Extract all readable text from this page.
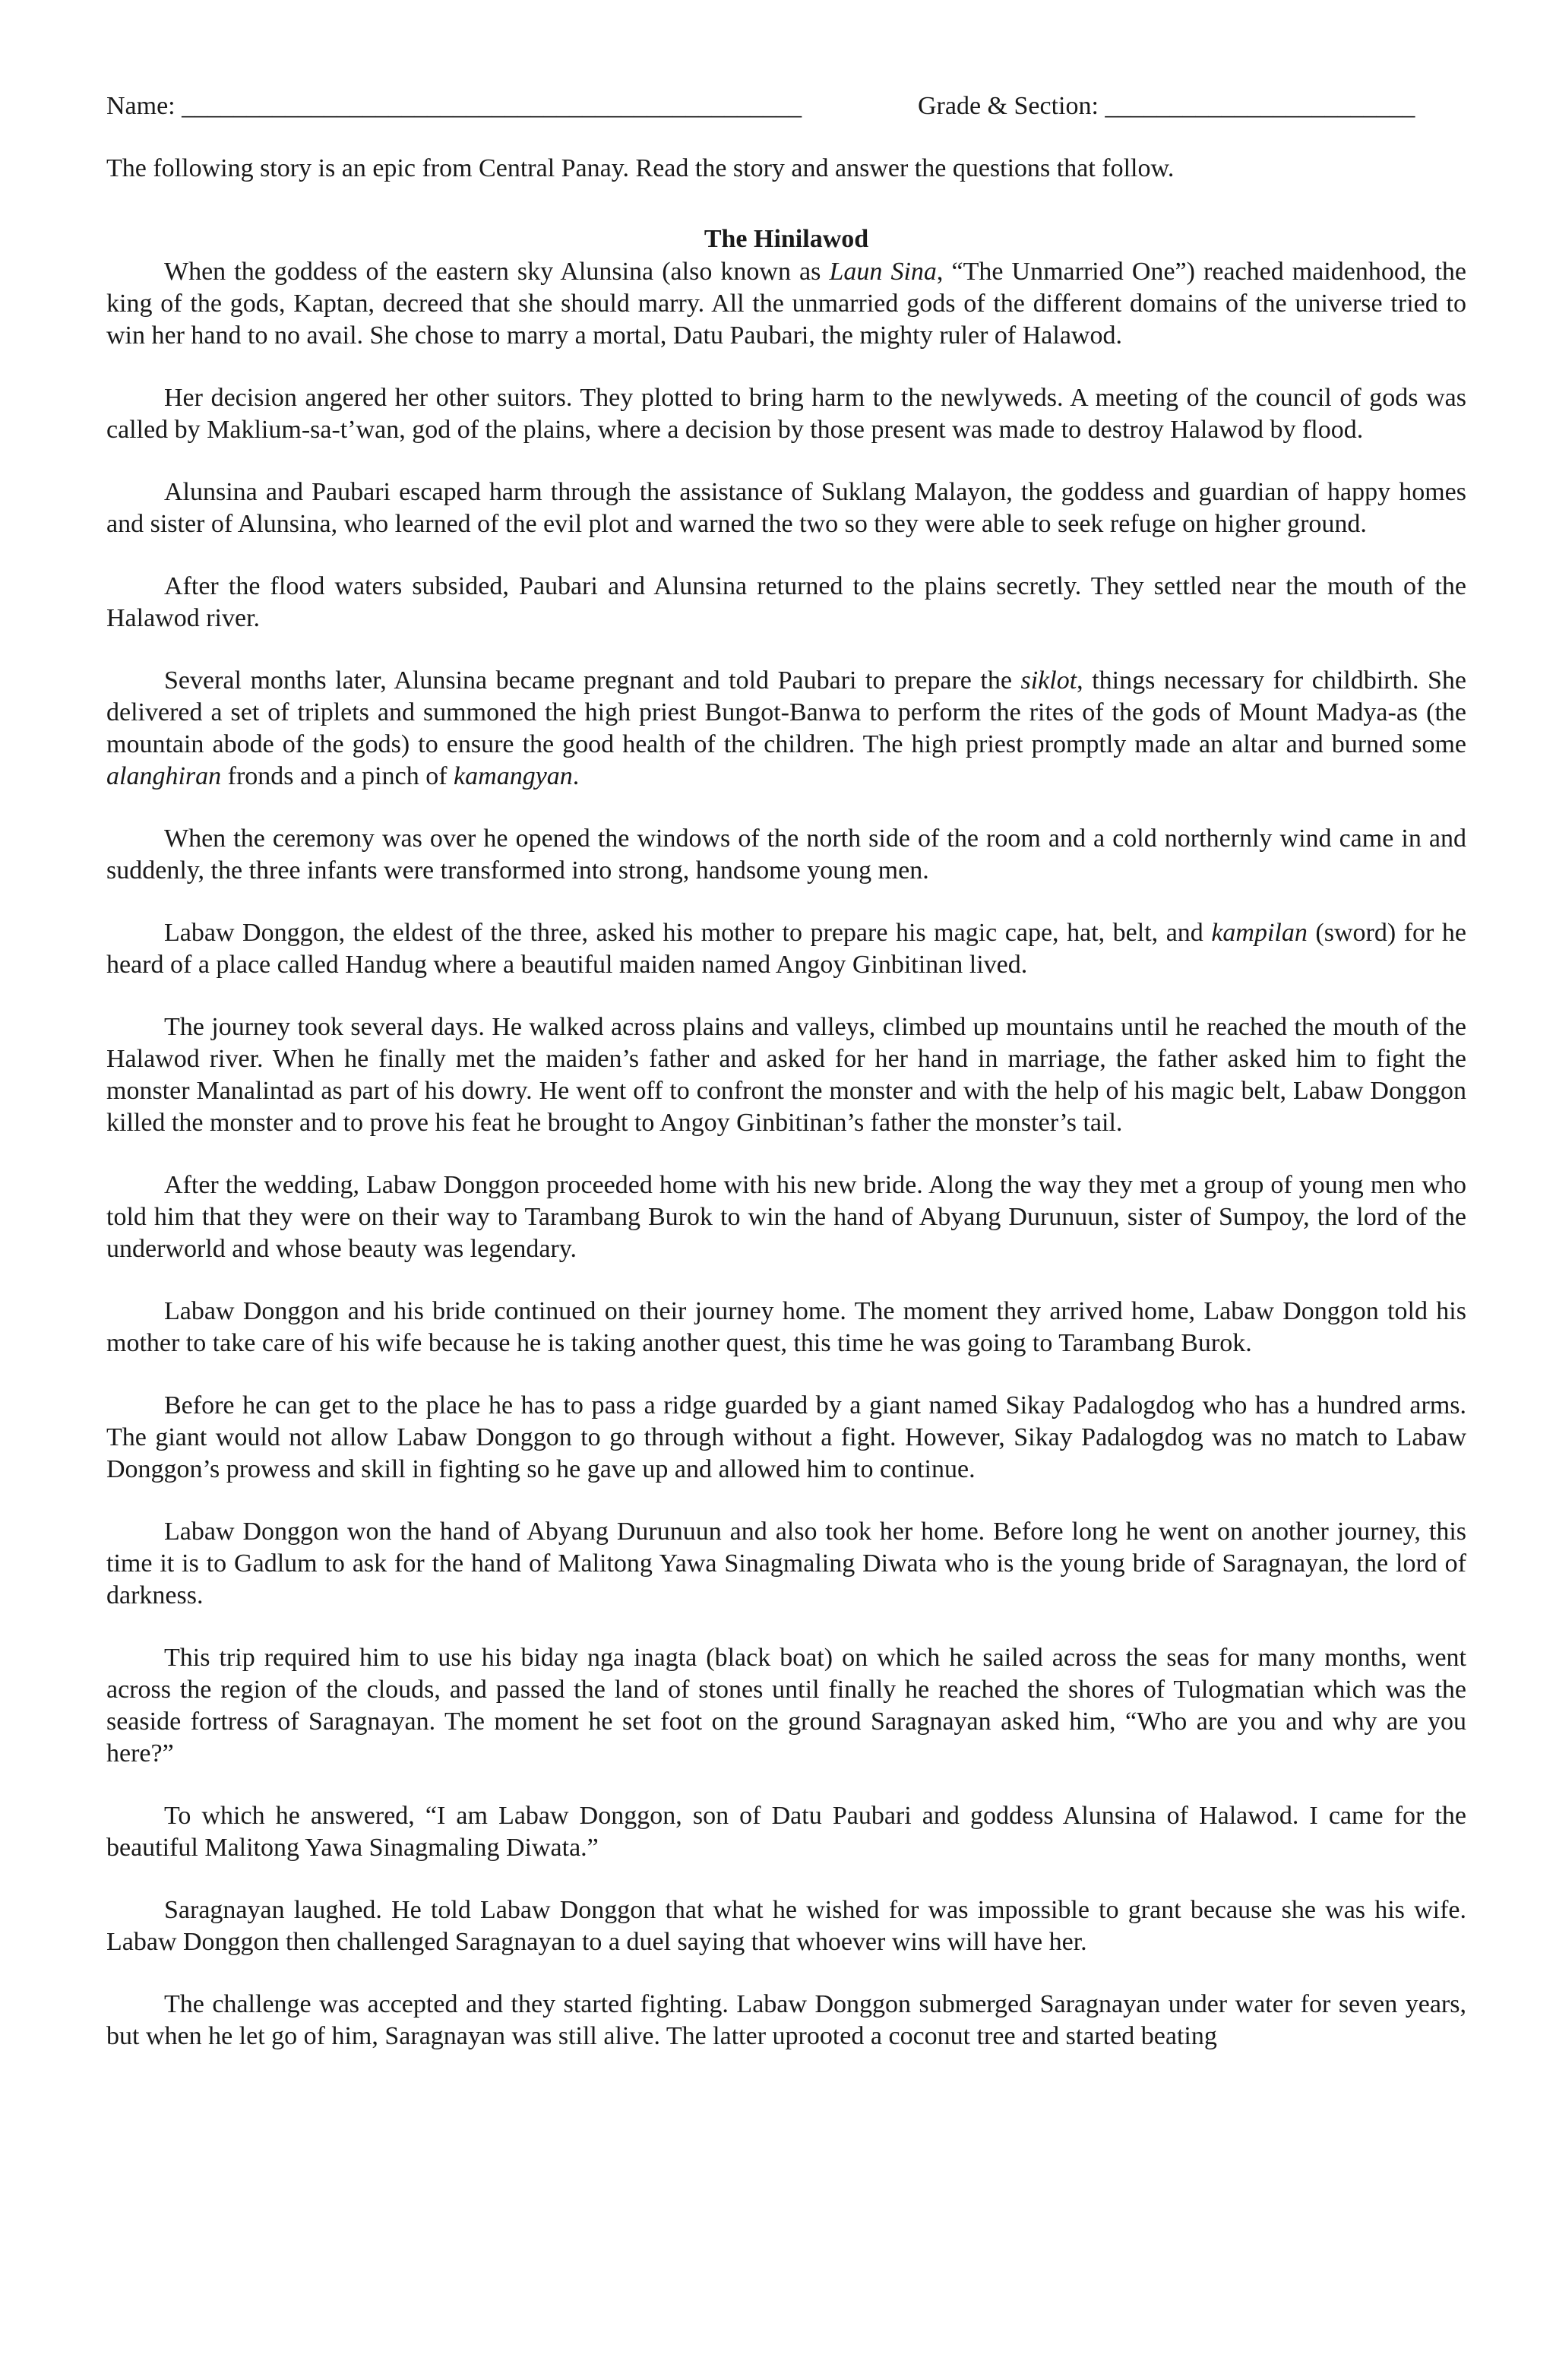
Name: ________________________________________________	Grade & Section: ________________________
The following story is an epic from Central Panay. Read the story and answer the questions that follow.
The Hinilawod

When the goddess of the eastern sky Alunsina (also known as Laun Sina, “The Unmarried One”) reached maidenhood, the king of the gods, Kaptan, decreed that she should marry. All the unmarried gods of the different domains of the universe tried to win her hand to no avail. She chose to marry a mortal, Datu Paubari, the mighty ruler of Halawod.

Her decision angered her other suitors. They plotted to bring harm to the newlyweds. A meeting of the council of gods was called by Maklium-sa-t’wan, god of the plains, where a decision by those present was made to destroy Halawod by flood.

Alunsina and Paubari escaped harm through the assistance of Suklang Malayon, the goddess and guardian of happy homes and sister of Alunsina, who learned of the evil plot and warned the two so they were able to seek refuge on higher ground.

After the flood waters subsided, Paubari and Alunsina returned to the plains secretly. They settled near the mouth of the Halawod river.

Several months later, Alunsina became pregnant and told Paubari to prepare the siklot, things necessary for childbirth. She delivered a set of triplets and summoned the high priest Bungot-Banwa to perform the rites of the gods of Mount Madya-as (the mountain abode of the gods) to ensure the good health of the children. The high priest promptly made an altar and burned some alanghiran fronds and a pinch of kamangyan.

When the ceremony was over he opened the windows of the north side of the room and a cold northernly wind came in and suddenly, the three infants were transformed into strong, handsome young men.

Labaw Donggon, the eldest of the three, asked his mother to prepare his magic cape, hat, belt, and kampilan (sword) for he heard of a place called Handug where a beautiful maiden named Angoy Ginbitinan lived.

The journey took several days. He walked across plains and valleys, climbed up mountains until he reached the mouth of the Halawod river. When he finally met the maiden’s father and asked for her hand in marriage, the father asked him to fight the monster Manalintad as part of his dowry. He went off to confront the monster and with the help of his magic belt, Labaw Donggon killed the monster and to prove his feat he brought to Angoy Ginbitinan’s father the monster’s tail.

After the wedding, Labaw Donggon proceeded home with his new bride. Along the way they met a group of young men who told him that they were on their way to Tarambang Burok to win the hand of Abyang Durunuun, sister of Sumpoy, the lord of the underworld and whose beauty was legendary.

Labaw Donggon and his bride continued on their journey home. The moment they arrived home, Labaw Donggon told his mother to take care of his wife because he is taking another quest, this time he was going to Tarambang Burok.

Before he can get to the place he has to pass a ridge guarded by a giant named Sikay Padalogdog who has a hundred arms. The giant would not allow Labaw Donggon to go through without a fight. However, Sikay Padalogdog was no match to Labaw Donggon’s prowess and skill in fighting so he gave up and allowed him to continue.

Labaw Donggon won the hand of Abyang Durunuun and also took her home. Before long he went on another journey, this time it is to Gadlum to ask for the hand of Malitong Yawa Sinagmaling Diwata who is the young bride of Saragnayan, the lord of darkness.

This trip required him to use his biday nga inagta (black boat) on which he sailed across the seas for many months, went across the region of the clouds, and passed the land of stones until finally he reached the shores of Tulogmatian which was the seaside fortress of Saragnayan. The moment he set foot on the ground Saragnayan asked him, “Who are you and why are you here?”

To which he answered, “I am Labaw Donggon, son of Datu Paubari and goddess Alunsina of Halawod. I came for the beautiful Malitong Yawa Sinagmaling Diwata.”

Saragnayan laughed. He told Labaw Donggon that what he wished for was impossible to grant because she was his wife. Labaw Donggon then challenged Saragnayan to a duel saying that whoever wins will have her.

The challenge was accepted and they started fighting. Labaw Donggon submerged Saragnayan under water for seven years, but when he let go of him, Saragnayan was still alive. The latter uprooted a coconut tree and started beating
